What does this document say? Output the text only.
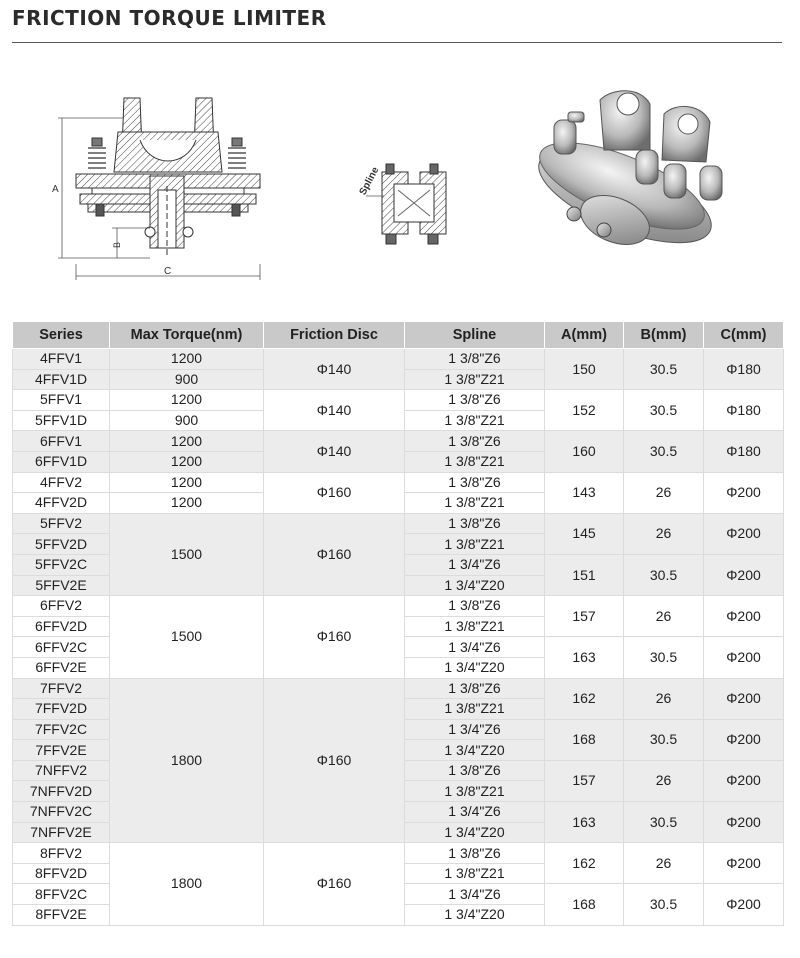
FRICTION TORQUE LIMITER
A
B
C
Spline
Series	Max Torque(nm)	Friction Disc	Spline	A(mm)	B(mm)	C(mm)
4FFV1	1200	Φ140	1 3/8"Z6	150	30.5	Φ180
4FFV1D	900		1 3/8"Z21			
5FFV1	1200	Φ140	1 3/8"Z6	152	30.5	Φ180
5FFV1D	900		1 3/8"Z21			
6FFV1	1200	Φ140	1 3/8"Z6	160	30.5	Φ180
6FFV1D	1200		1 3/8"Z21			
4FFV2	1200	Φ160	1 3/8"Z6	143	26	Φ200
4FFV2D	1200		1 3/8"Z21			
5FFV2	1500	Φ160	1 3/8"Z6	145	26	Φ200
5FFV2D			1 3/8"Z21			
5FFV2C			1 3/4"Z6	151	30.5	Φ200
5FFV2E			1 3/4"Z20			
6FFV2	1500	Φ160	1 3/8"Z6	157	26	Φ200
6FFV2D			1 3/8"Z21			
6FFV2C			1 3/4"Z6	163	30.5	Φ200
6FFV2E			1 3/4"Z20			
7FFV2	1800	Φ160	1 3/8"Z6	162	26	Φ200
7FFV2D			1 3/8"Z21			
7FFV2C			1 3/4"Z6	168	30.5	Φ200
7FFV2E			1 3/4"Z20			
7NFFV2			1 3/8"Z6	157	26	Φ200
7NFFV2D			1 3/8"Z21			
7NFFV2C			1 3/4"Z6	163	30.5	Φ200
7NFFV2E			1 3/4"Z20			
8FFV2	1800	Φ160	1 3/8"Z6	162	26	Φ200
8FFV2D			1 3/8"Z21			
8FFV2C			1 3/4"Z6	168	30.5	Φ200
8FFV2E			1 3/4"Z20			
